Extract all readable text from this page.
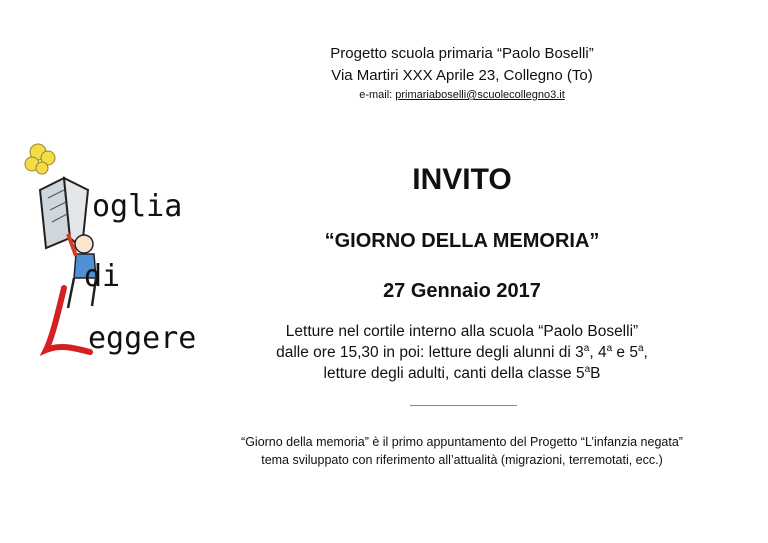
Progetto scuola primaria “Paolo Boselli”
Via Martiri XXX Aprile 23, Collegno (To)
e-mail: primariaboselli@scuolecollegno3.it
oglia
di
eggere
INVITO
“GIORNO DELLA MEMORIA”
27 Gennaio 2017
Letture nel cortile interno alla scuola “Paolo Boselli”
dalle ore 15,30 in poi: letture degli alunni di 3$^a$, 4$^a$ e 5$^a$,
letture degli adulti, canti della classe 5$^a$B
“Giorno della memoria” è il primo appuntamento del Progetto “L’infanzia negata”
tema sviluppato con riferimento all’attualità (migrazioni, terremotati, ecc.)
